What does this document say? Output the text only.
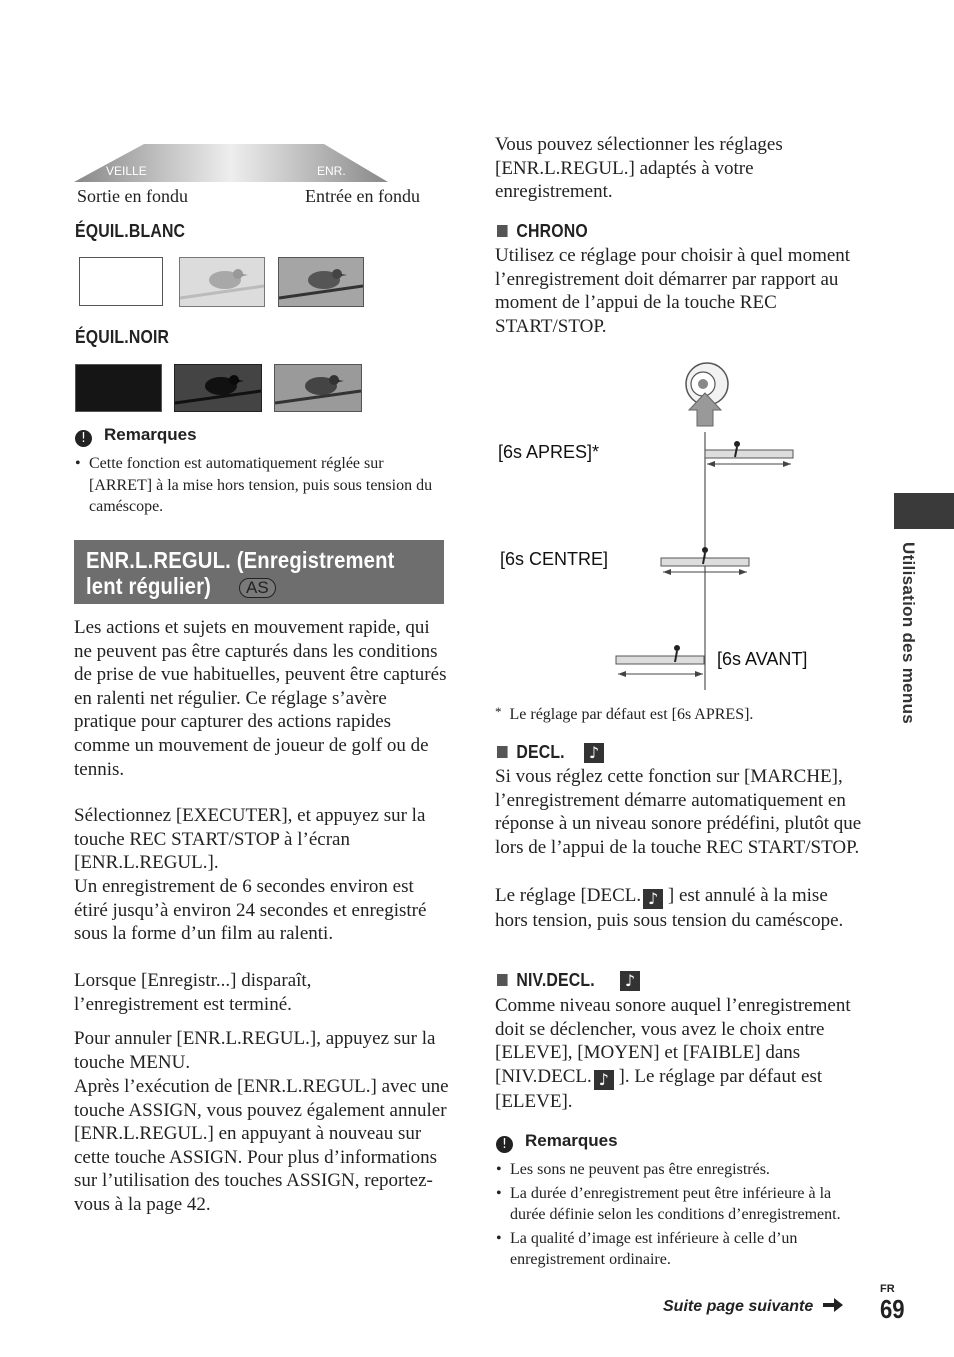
VEILLE	ENR.
Sortie en fondu	Entrée en fondu
ÉQUIL.BLANC
ÉQUIL.NOIR
! Remarques
• Cette fonction est automatiquement réglée sur [ARRET] à la mise hors tension, puis sous tension du caméscope.
ENR.L.REGUL. (Enregistrement
lent régulier)	AS
Les actions et sujets en mouvement rapide, qui ne peuvent pas être capturés dans les conditions de prise de vue habituelles, peuvent être capturés en ralenti net régulier. Ce réglage s’avère pratique pour capturer des actions rapides comme un mouvement de joueur de golf ou de tennis.
Sélectionnez [EXECUTER], et appuyez sur la touche REC START/STOP à l’écran [ENR.L.REGUL.].
Un enregistrement de 6 secondes environ est étiré jusqu’à environ 24 secondes et enregistré sous la forme d’un film au ralenti.
Lorsque [Enregistr...] disparaît, l’enregistrement est terminé.
Pour annuler [ENR.L.REGUL.], appuyez sur la touche MENU.
Après l’exécution de [ENR.L.REGUL.] avec une touche ASSIGN, vous pouvez également annuler [ENR.L.REGUL.] en appuyant à nouveau sur cette touche ASSIGN. Pour plus d’informations sur l’utilisation des touches ASSIGN, reportez-vous à la page 42.
Vous pouvez sélectionner les réglages [ENR.L.REGUL.] adaptés à votre enregistrement.
CHRONO
Utilisez ce réglage pour choisir à quel moment l’enregistrement doit démarrer par rapport au moment de l’appui de la touche REC START/STOP.
[6s APRES]*
[6s CENTRE]
[6s AVANT]
* Le réglage par défaut est [6s APRES].
DECL.	♪
Si vous réglez cette fonction sur [MARCHE], l’enregistrement démarre automatiquement en réponse à un niveau sonore prédéfini, plutôt que lors de l’appui de la touche REC START/STOP.
Le réglage [DECL. ♪ ] est annulé à la mise hors tension, puis sous tension du caméscope.
NIV.DECL.	♪
Comme niveau sonore auquel l’enregistrement doit se déclencher, vous avez le choix entre [ELEVE], [MOYEN] et [FAIBLE] dans [NIV.DECL. ♪ ]. Le réglage par défaut est [ELEVE].
! Remarques
• Les sons ne peuvent pas être enregistrés.
• La durée d’enregistrement peut être inférieure à la durée définie selon les conditions d’enregistrement.
• La qualité d’image est inférieure à celle d’un enregistrement ordinaire.
Utilisation des menus
Suite page suivante
FR
69
